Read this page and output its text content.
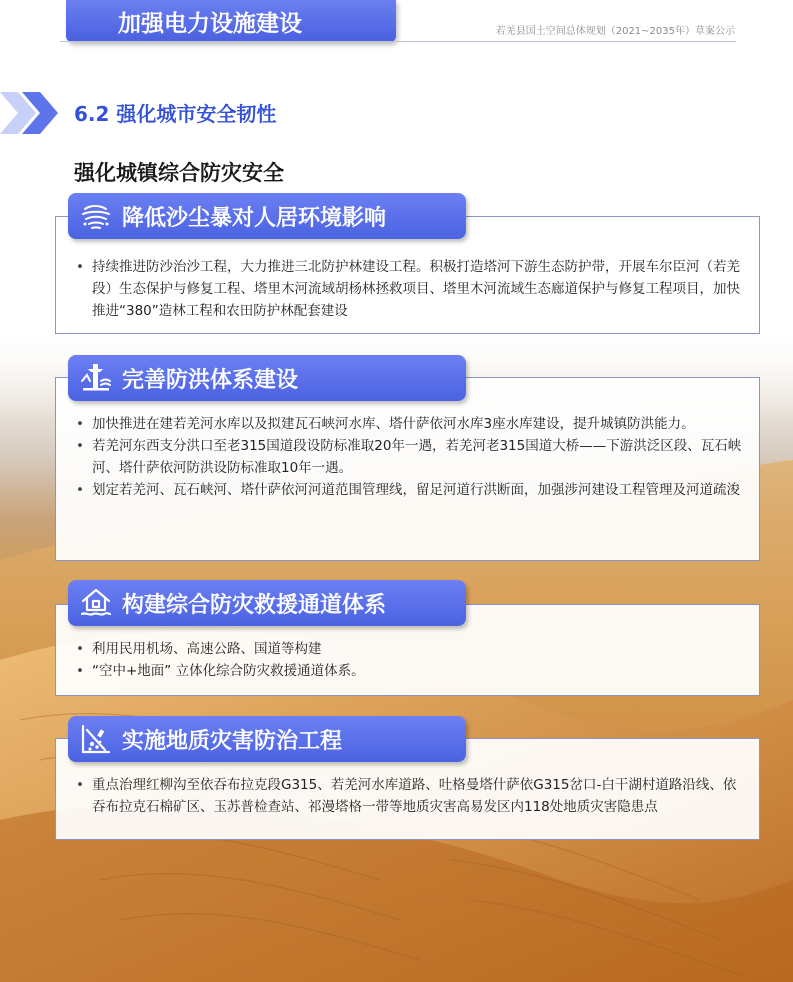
加强电力设施建设	若羌县国土空间总体规划（2021~2035年）草案公示
6.2 强化城市安全韧性
强化城镇综合防灾安全
• 持续推进防沙治沙工程，大力推进三北防护林建设工程。积极打造塔河下游生态防护带，开展车尔臣河（若羌段）生态保护与修复工程、塔里木河流域胡杨林拯救项目、塔里木河流域生态廊道保护与修复工程项目，加快推进“380”造林工程和农田防护林配套建设
降低沙尘暴对人居环境影响
• 加快推进在建若羌河水库以及拟建瓦石峡河水库、塔什萨依河水库3座水库建设，提升城镇防洪能力。
• 若羌河东西支分洪口至老315国道段设防标准取20年一遇，若羌河老315国道大桥——下游洪泛区段、瓦石峡河、塔什萨依河防洪设防标准取10年一遇。
• 划定若羌河、瓦石峡河、塔什萨依河河道范围管理线，留足河道行洪断面，加强涉河建设工程管理及河道疏浚
完善防洪体系建设
• 利用民用机场、高速公路、国道等构建
• “空中+地面” 立体化综合防灾救援通道体系。
构建综合防灾救援通道体系
• 重点治理红柳沟至依吞布拉克段G315、若羌河水库道路、吐格曼塔什萨依G315岔口-白干湖村道路沿线、依吞布拉克石棉矿区、玉苏普检查站、祁漫塔格一带等地质灾害高易发区内118处地质灾害隐患点
实施地质灾害防治工程
